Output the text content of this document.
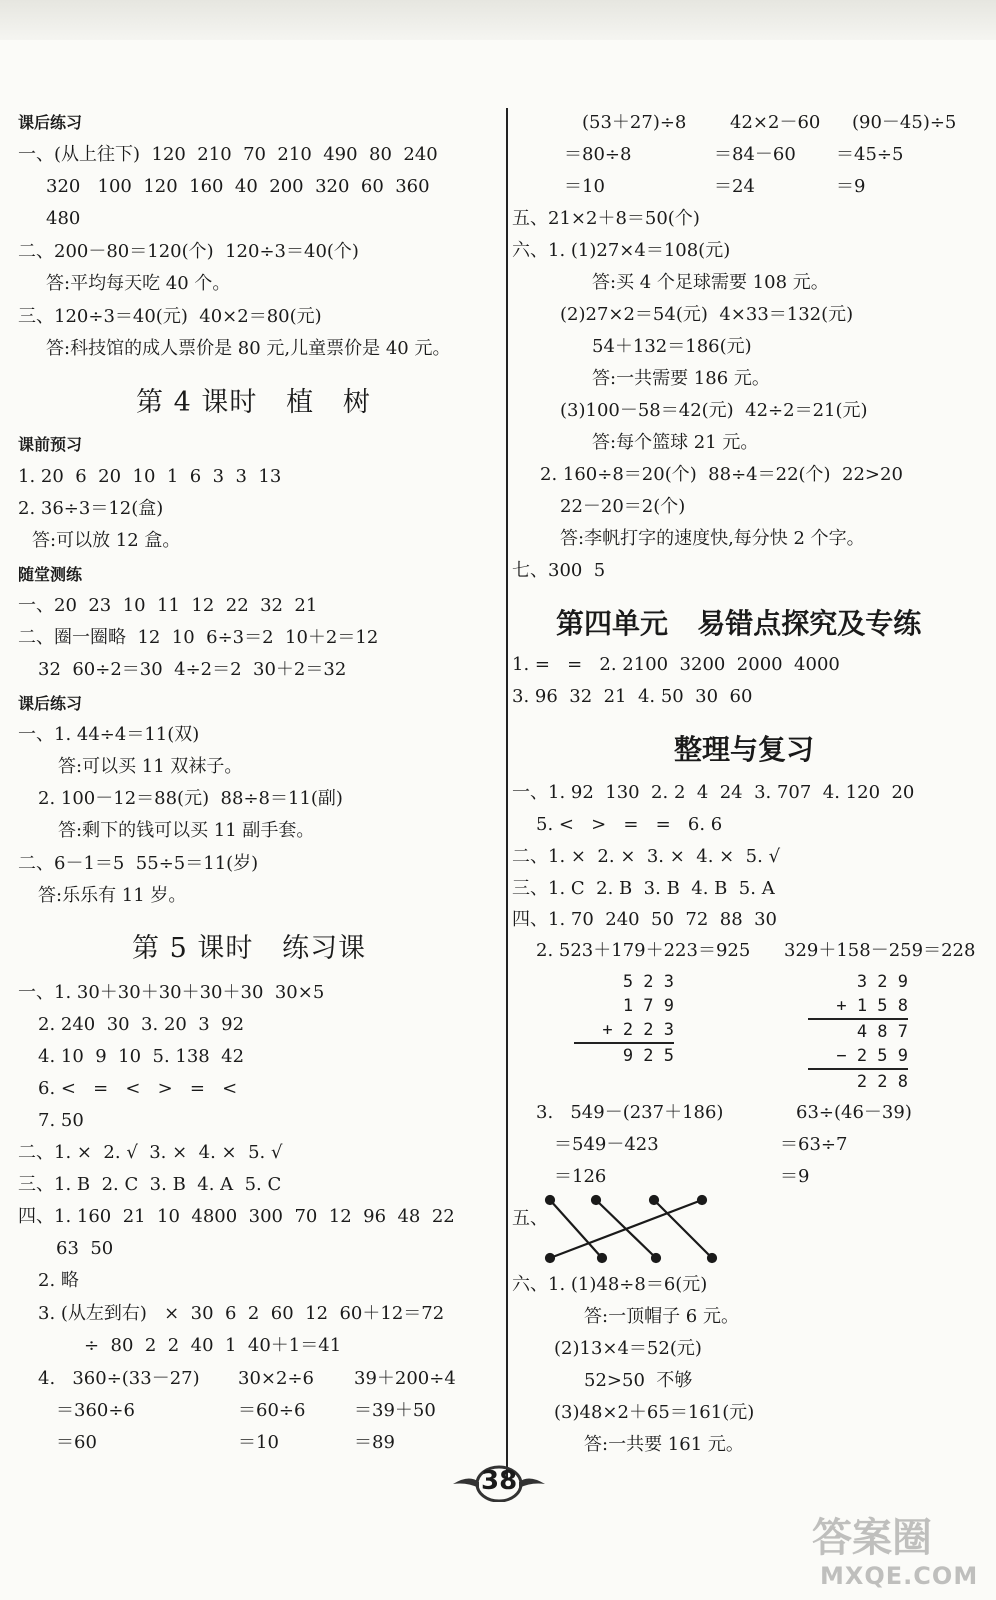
课后练习
一、(从上往下)  120  210  70  210  490  80  240
320   100  120  160  40  200  320  60  360
480
二、200－80＝120(个)  120÷3＝40(个)
答:平均每天吃 40 个。
三、120÷3＝40(元)  40×2＝80(元)
答:科技馆的成人票价是 80 元,儿童票价是 40 元。
第 4 课时   植   树
课前预习
1. 20  6  20  10  1  6  3  3  13
2. 36÷3＝12(盒)
答:可以放 12 盒。
随堂测练
一、20  23  10  11  12  22  32  21
二、圈一圈略  12  10  6÷3＝2  10＋2＝12
32  60÷2＝30  4÷2＝2  30＋2＝32
课后练习
一、1. 44÷4＝11(双)
答:可以买 11 双袜子。
2. 100－12＝88(元)  88÷8＝11(副)
答:剩下的钱可以买 11 副手套。
二、6－1＝5  55÷5＝11(岁)
答:乐乐有 11 岁。
第 5 课时   练习课
一、1. 30＋30＋30＋30＋30  30×5
2. 240  30  3. 20  3  92
4. 10  9  10  5. 138  42
6. <   =   <   >   =   <
7. 50
二、1. ×  2. √  3. ×  4. ×  5. √
三、1. B  2. C  3. B  4. A  5. C
四、1. 160  21  10  4800  300  70  12  96  48  22
63  50
2. 略
3. (从左到右)   ×  30  6  2  60  12  60＋12＝72
÷  80  2  2  40  1  40＋1＝41
4.   360÷(33－27) 30×2÷6 39＋200÷4
＝360÷6	＝60÷6	＝39＋50
＝60	＝10	＝89
(53＋27)÷8 42×2－60 (90－45)÷5
＝80÷8	＝84－60 ＝45÷5
＝10	＝24	＝9
五、21×2＋8＝50(个)
六、1. (1)27×4＝108(元)
答:买 4 个足球需要 108 元。
(2)27×2＝54(元)  4×33＝132(元)
54＋132＝186(元)
答:一共需要 186 元。
(3)100－58＝42(元)  42÷2＝21(元)
答:每个篮球 21 元。
2. 160÷8＝20(个)  88÷4＝22(个)  22>20
22－20＝2(个)
答:李帆打字的速度快,每分快 2 个字。
七、300  5
第四单元   易错点探究及专练
1. =   =   2. 2100  3200  2000  4000
3. 96  32  21  4. 50  30  60
整理与复习
一、1. 92  130  2. 2  4  24  3. 707  4. 120  20
5. <   >   =   =   6. 6
二、1. ×  2. ×  3. ×  4. ×  5. √
三、1. C  2. B  3. B  4. B  5. A
四、1. 70  240  50  72  88  30
2. 523＋179＋223＝925 329＋158－259＝228
5 2 3
1 7 9
+ 2 2 3
9 2 5
3 2 9
+ 1 5 8
4 8 7
− 2 5 9
2 2 8
3.   549－(237＋186)	63÷(46－39)
＝549－423	＝63÷7
＝126	＝9
五、
六、1. (1)48÷8＝6(元)
答:一顶帽子 6 元。
(2)13×4＝52(元)
52>50  不够
(3)48×2＋65＝161(元)
答:一共要 161 元。
38
答案圈
MXQE.COM
